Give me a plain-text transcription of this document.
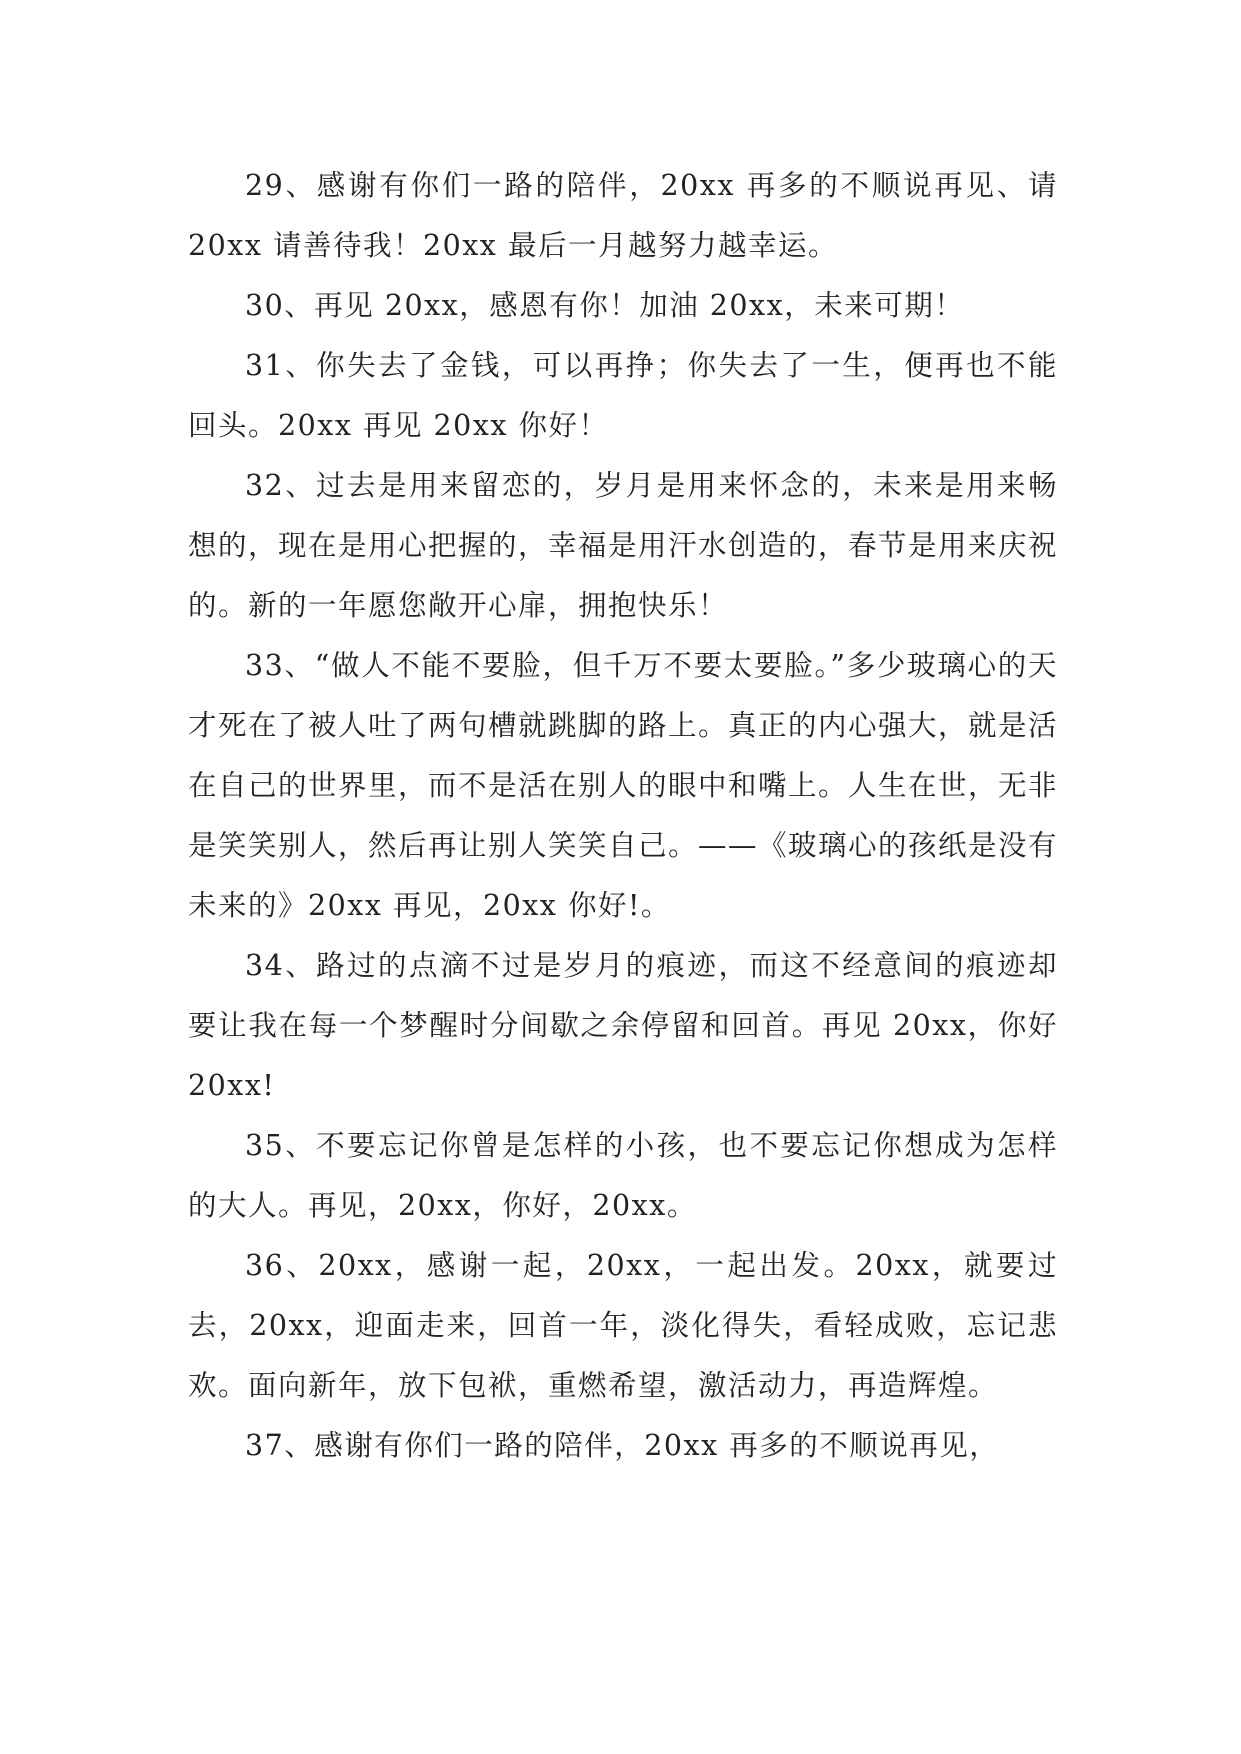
29、感谢有你们一路的陪伴，20xx 再多的不顺说再见、请 20xx 请善待我！20xx 最后一月越努力越幸运。

30、再见 20xx，感恩有你！加油 20xx，未来可期！

31、你失去了金钱，可以再挣；你失去了一生，便再也不能回头。20xx 再见 20xx 你好！

32、过去是用来留恋的，岁月是用来怀念的，未来是用来畅想的，现在是用心把握的，幸福是用汗水创造的，春节是用来庆祝的。新的一年愿您敞开心扉，拥抱快乐！

33、“做人不能不要脸，但千万不要太要脸。”多少玻璃心的天才死在了被人吐了两句槽就跳脚的路上。真正的内心强大，就是活在自己的世界里，而不是活在别人的眼中和嘴上。人生在世，无非是笑笑别人，然后再让别人笑笑自己。——《玻璃心的孩纸是没有未来的》20xx 再见，20xx 你好!。

34、路过的点滴不过是岁月的痕迹，而这不经意间的痕迹却要让我在每一个梦醒时分间歇之余停留和回首。再见 20xx，你好 20xx!

35、不要忘记你曾是怎样的小孩，也不要忘记你想成为怎样的大人。再见，20xx，你好，20xx。

36、20xx，感谢一起，20xx，一起出发。20xx，就要过去，20xx，迎面走来，回首一年，淡化得失，看轻成败，忘记悲欢。面向新年，放下包袱，重燃希望，激活动力，再造辉煌。

37、感谢有你们一路的陪伴，20xx 再多的不顺说再见，
